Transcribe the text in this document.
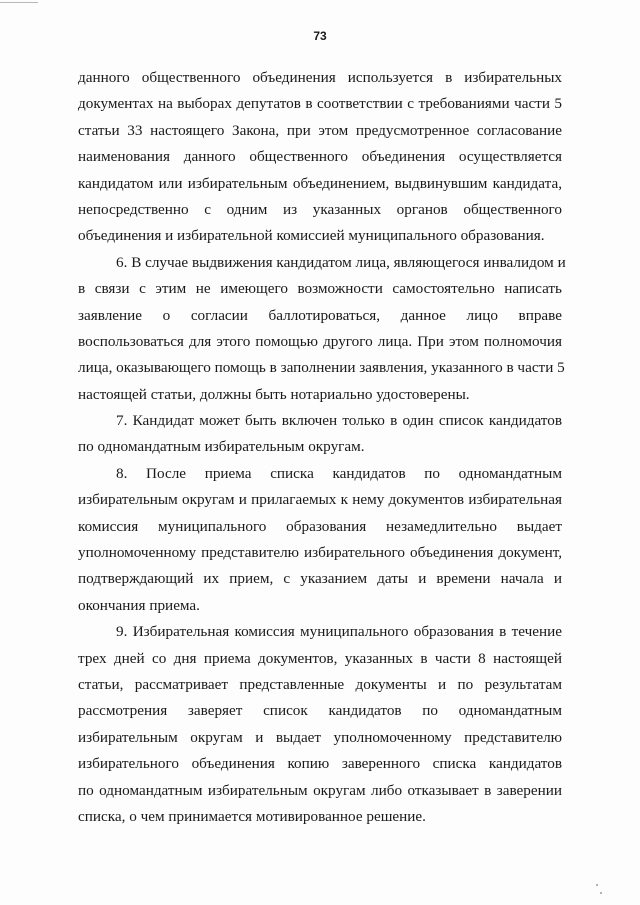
73
данного общественного объединения используется в избирательных
документах на выборах депутатов в соответствии с требованиями части 5
статьи 33 настоящего Закона, при этом предусмотренное согласование
наименования данного общественного объединения осуществляется
кандидатом или избирательным объединением, выдвинувшим кандидата,
непосредственно с одним из указанных органов общественного
объединения и избирательной комиссией муниципального образования.
6. В случае выдвижения кандидатом лица, являющегося инвалидом и
в связи с этим не имеющего возможности самостоятельно написать
заявление о согласии баллотироваться, данное лицо вправе
воспользоваться для этого помощью другого лица. При этом полномочия
лица, оказывающего помощь в заполнении заявления, указанного в части 5
настоящей статьи, должны быть нотариально удостоверены.
7. Кандидат может быть включен только в один список кандидатов
по одномандатным избирательным округам.
8. После приема списка кандидатов по одномандатным
избирательным округам и прилагаемых к нему документов избирательная
комиссия муниципального образования незамедлительно выдает
уполномоченному представителю избирательного объединения документ,
подтверждающий их прием, с указанием даты и времени начала и
окончания приема.
9. Избирательная комиссия муниципального образования в течение
трех дней со дня приема документов, указанных в части 8 настоящей
статьи, рассматривает представленные документы и по результатам
рассмотрения заверяет список кандидатов по одномандатным
избирательным округам и выдает уполномоченному представителю
избирательного объединения копию заверенного списка кандидатов
по одномандатным избирательным округам либо отказывает в заверении
списка, о чем принимается мотивированное решение.
